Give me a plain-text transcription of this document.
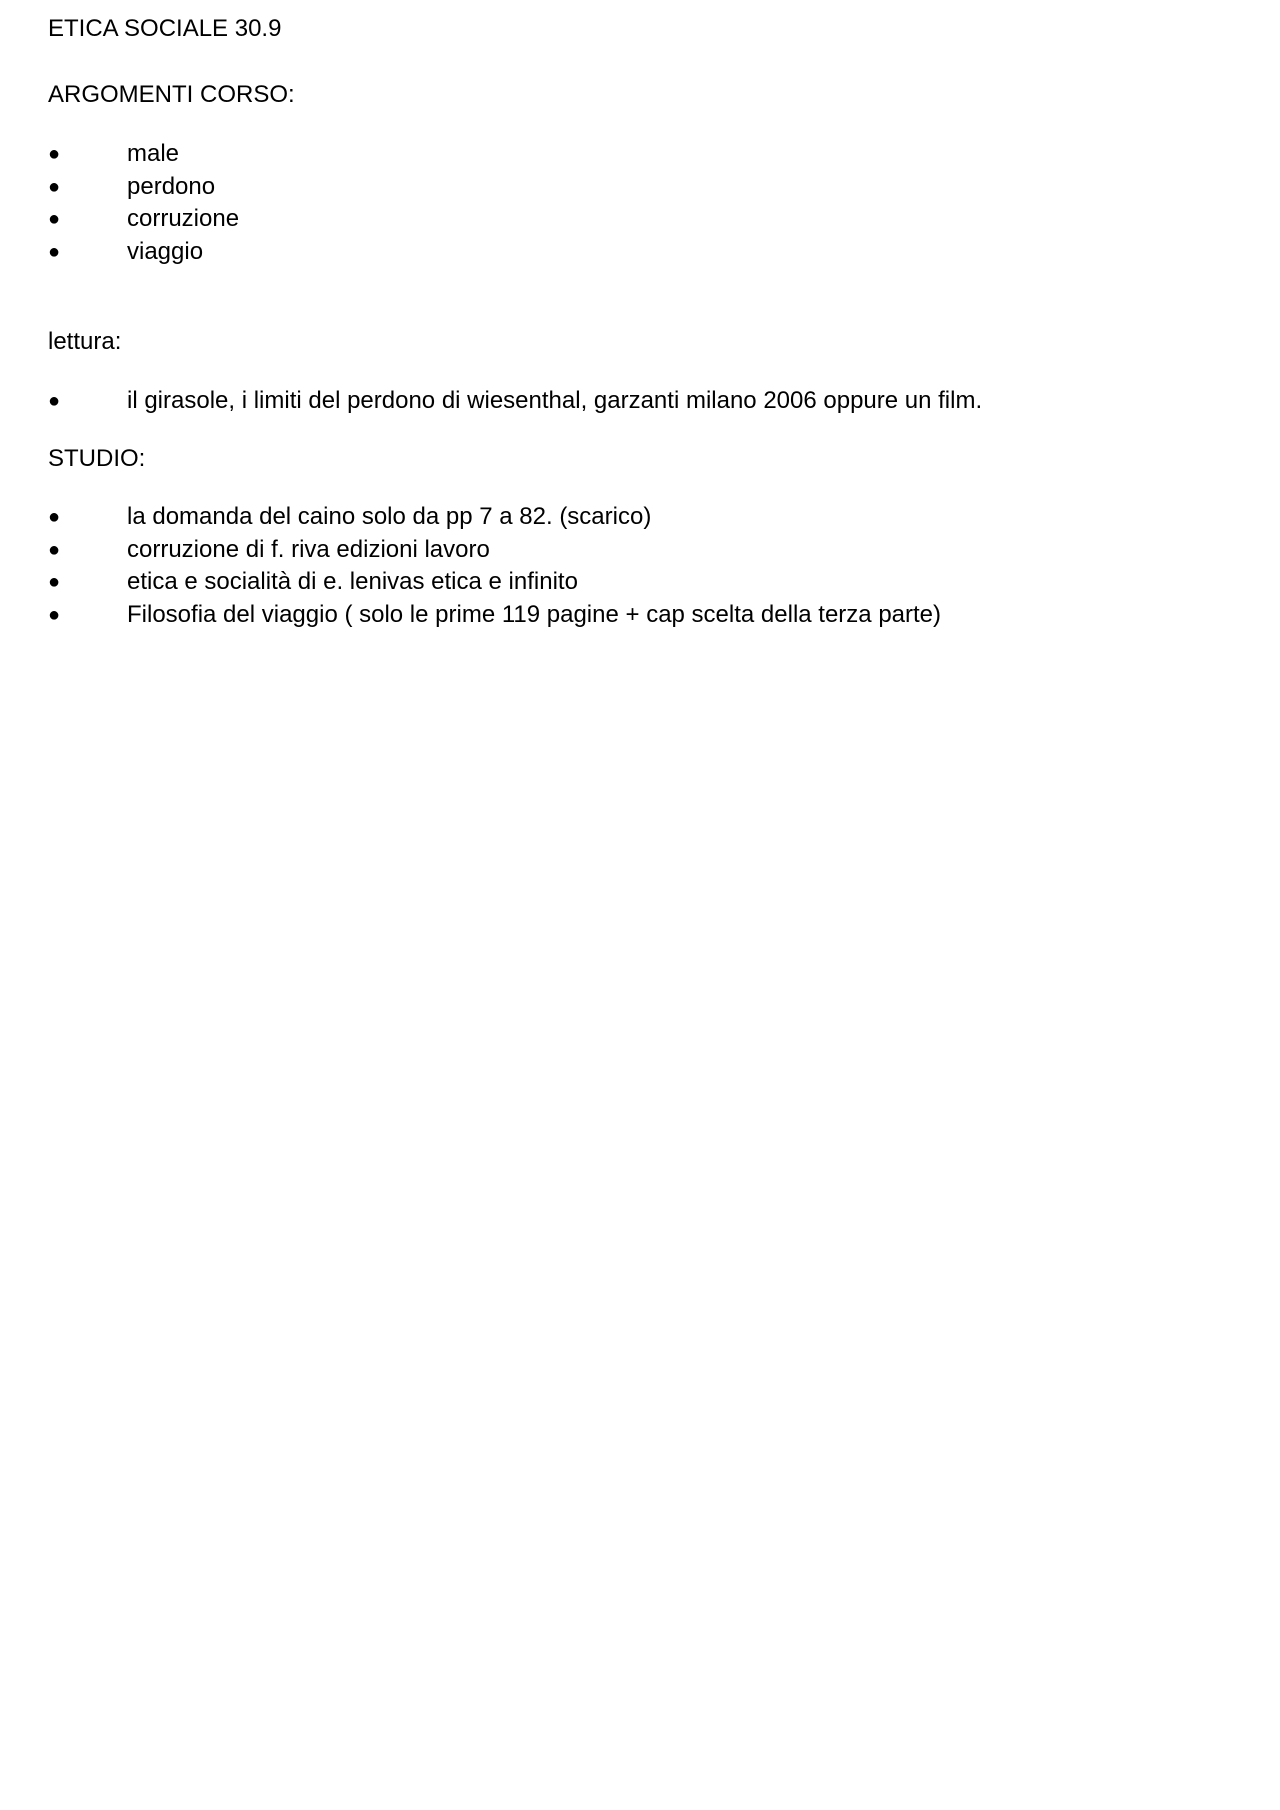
ETICA SOCIALE 30.9
ARGOMENTI CORSO:
●	male
●	perdono
●	corruzione
●	viaggio
lettura:
●	il girasole, i limiti del perdono di wiesenthal, garzanti milano 2006 oppure un film.
STUDIO:
●	la domanda del caino solo da pp 7 a 82. (scarico)
●	corruzione di f. riva edizioni lavoro
●	etica e socialità di e. lenivas etica e infinito
●	Filosofia del viaggio ( solo le prime 119 pagine + cap scelta della terza parte)
